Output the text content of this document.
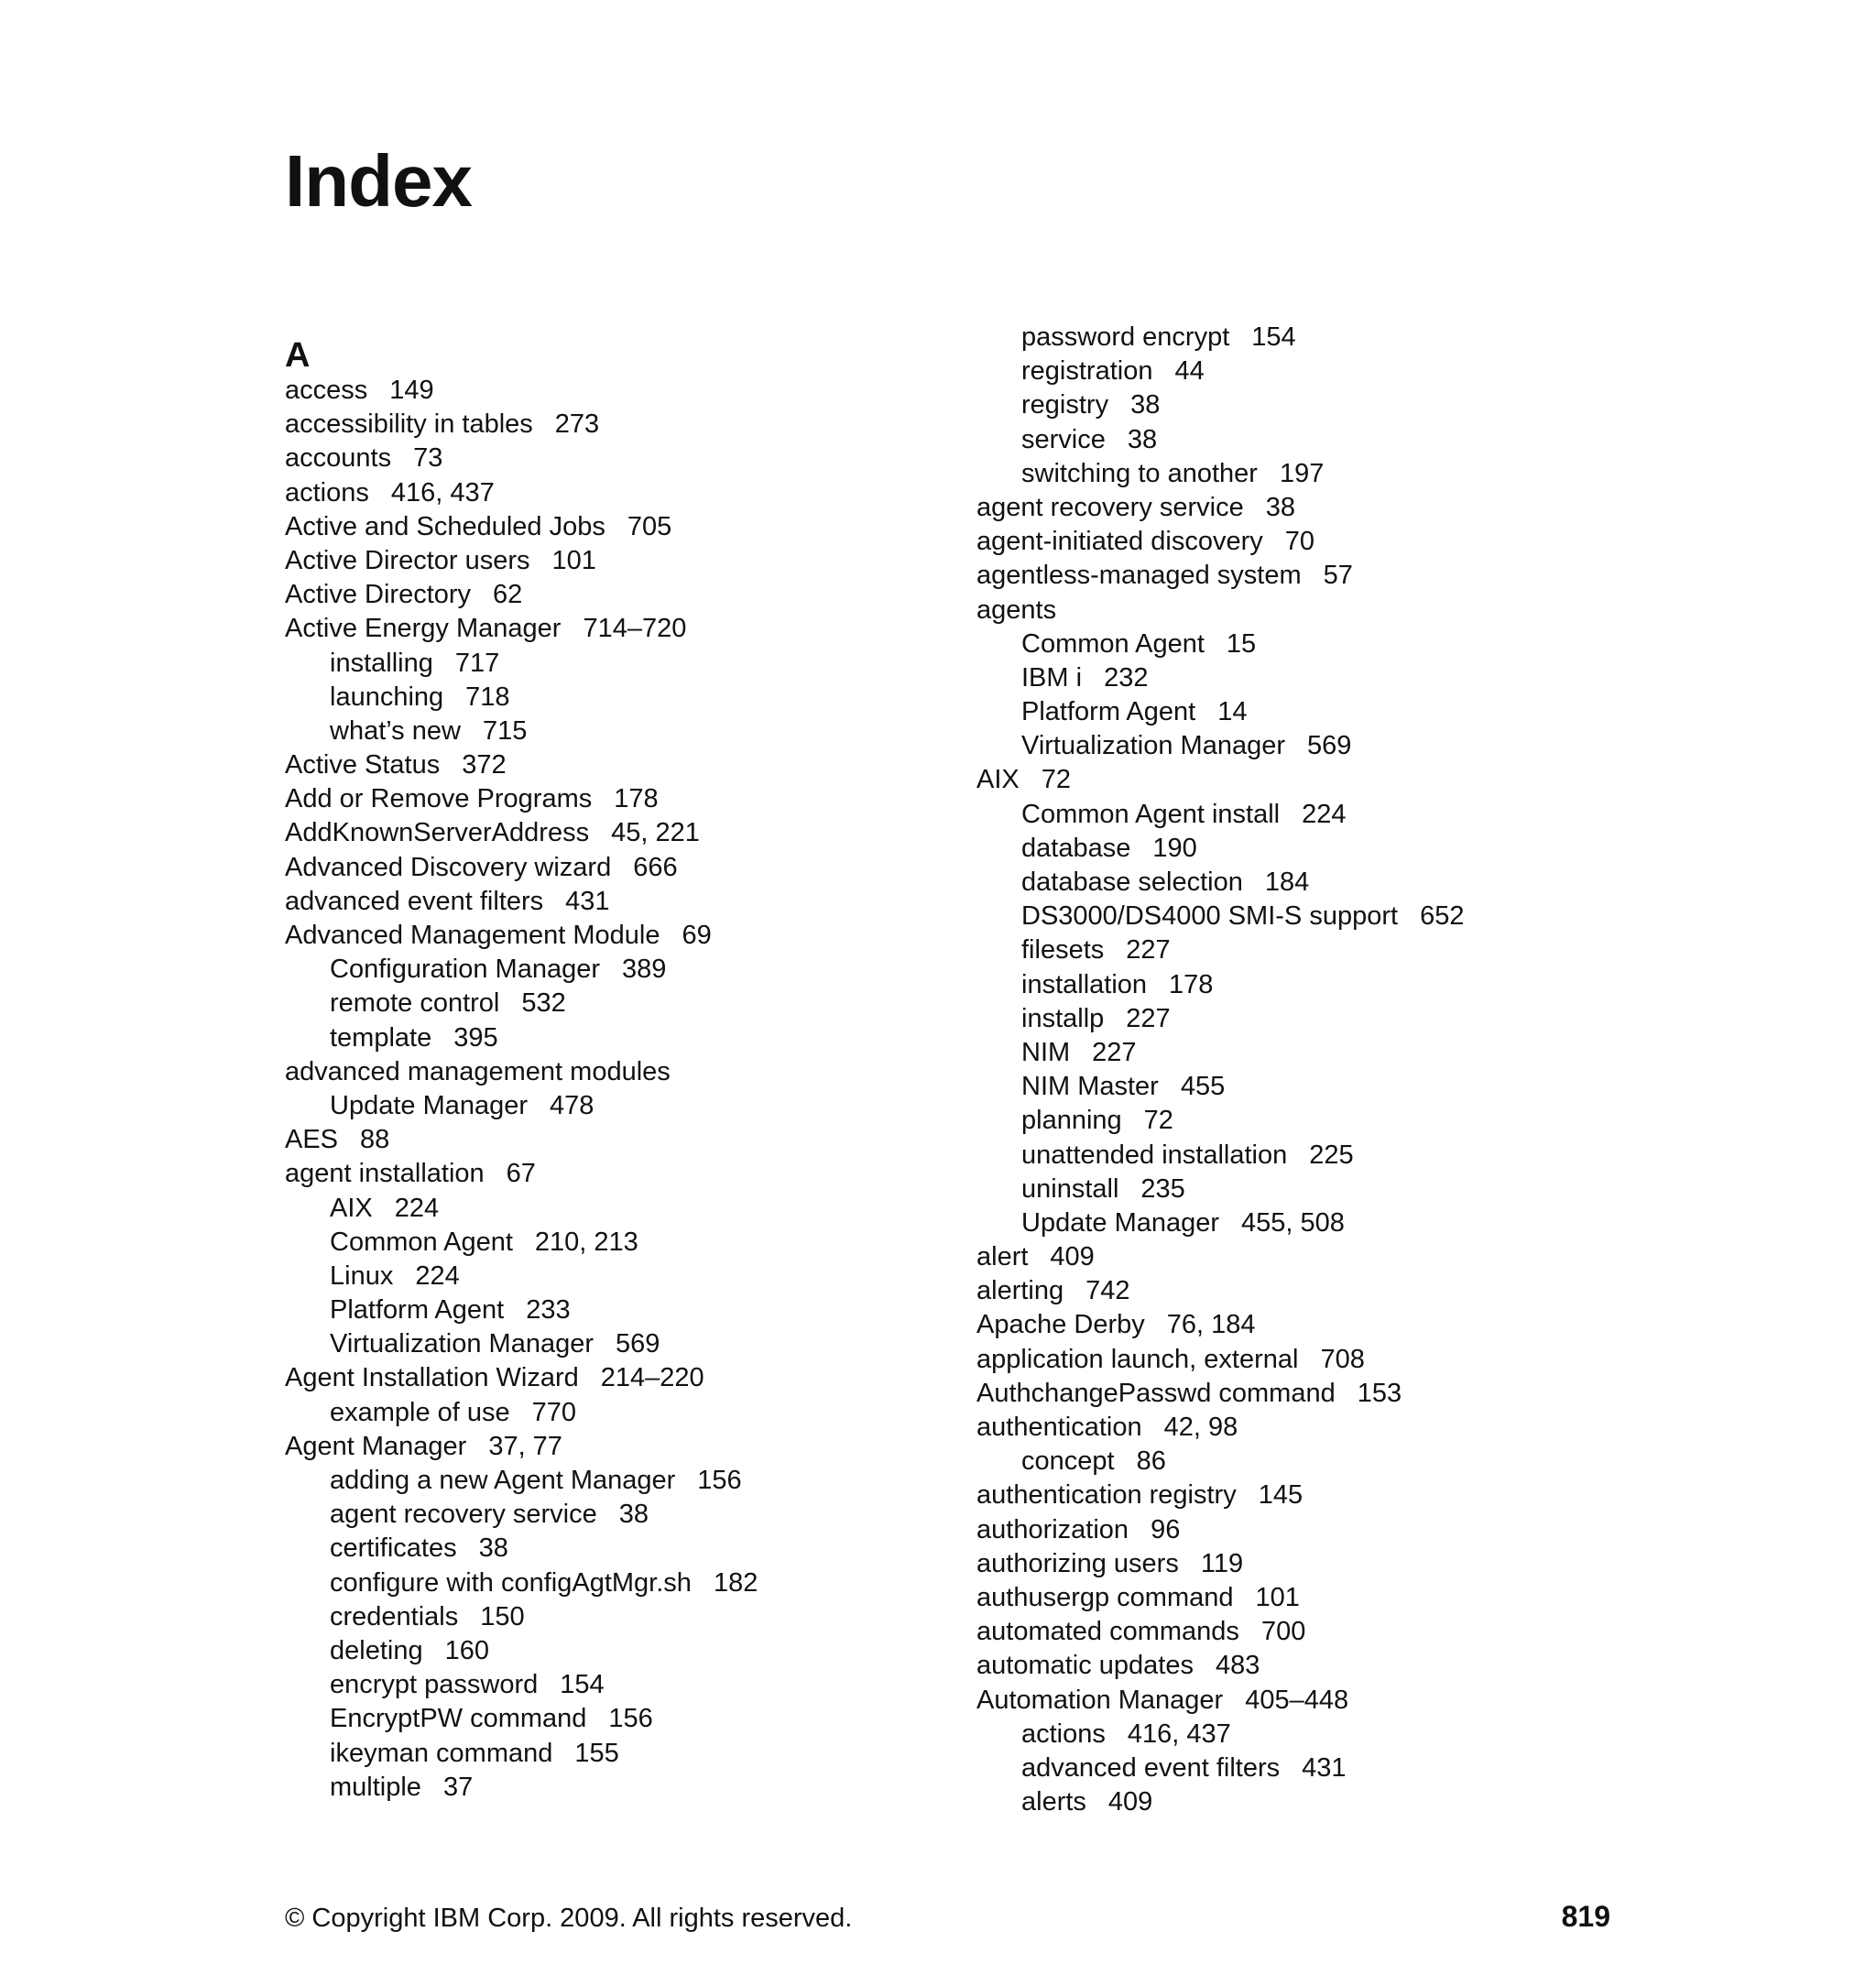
Index
A
access 149
accessibility in tables 273
accounts 73
actions 416, 437
Active and Scheduled Jobs 705
Active Director users 101
Active Directory 62
Active Energy Manager 714–720
installing 717
launching 718
what’s new 715
Active Status 372
Add or Remove Programs 178
AddKnownServerAddress 45, 221
Advanced Discovery wizard 666
advanced event filters 431
Advanced Management Module 69
Configuration Manager 389
remote control 532
template 395
advanced management modules
Update Manager 478
AES 88
agent installation 67
AIX 224
Common Agent 210, 213
Linux 224
Platform Agent 233
Virtualization Manager 569
Agent Installation Wizard 214–220
example of use 770
Agent Manager 37, 77
adding a new Agent Manager 156
agent recovery service 38
certificates 38
configure with configAgtMgr.sh 182
credentials 150
deleting 160
encrypt password 154
EncryptPW command 156
ikeyman command 155
multiple 37
password encrypt 154
registration 44
registry 38
service 38
switching to another 197
agent recovery service 38
agent-initiated discovery 70
agentless-managed system 57
agents
Common Agent 15
IBM i 232
Platform Agent 14
Virtualization Manager 569
AIX 72
Common Agent install 224
database 190
database selection 184
DS3000/DS4000 SMI-S support 652
filesets 227
installation 178
installp 227
NIM 227
NIM Master 455
planning 72
unattended installation 225
uninstall 235
Update Manager 455, 508
alert 409
alerting 742
Apache Derby 76, 184
application launch, external 708
AuthchangePasswd command 153
authentication 42, 98
concept 86
authentication registry 145
authorization 96
authorizing users 119
authusergp command 101
automated commands 700
automatic updates 483
Automation Manager 405–448
actions 416, 437
advanced event filters 431
alerts 409
© Copyright IBM Corp. 2009. All rights reserved.	819
